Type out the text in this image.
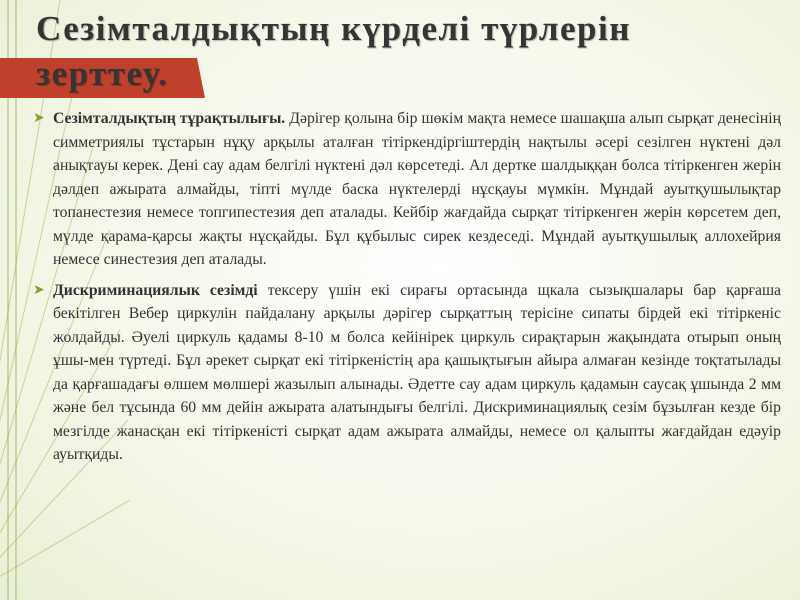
Сезімталдықтың күрделі түрлерін зерттеу.
➤ Сезімталдықтың тұрақтылығы. Дәрігер қолына бір шөкім мақта немесе шашақша алып сырқат денесінің симметриялы тұстарын нұқу арқылы аталған тітіркендіргіштердің нақтылы әсері сезілген нүктені дәл анықтауы керек. Дені сау адам белгілі нүктені дәл көрсетеді. Ал дертке шалдыққан болса тітіркенген жерін дәлдеп ажырата алмайды, тіпті мүлде баска нүктелерді нұсқауы мүмкін. Мұндай ауытқушылықтар топанестезия немесе топгипестезия деп аталады. Кейбір жағдайда сырқат тітіркенген жерін көрсетем деп, мүлде қарама-қарсы жақты нұсқайды. Бұл құбылыс сирек кездеседі. Мұндай ауытқушылық аллохейрия немесе синестезия деп аталады.

➤ Дискриминациялык сезімді тексеру үшін екі сирағы ортасында щкала сызықшалары бар қарғаша бекітілген Вебер циркулін пайдалану арқылы дәрігер сырқаттың терісіне сипаты бірдей екі тітіркеніс жолдайды. Әуелі циркуль қадамы 8-10 м болса кейінірек циркуль сирақтарын жақындата отырып оның ұшы-мен түртеді. Бұл әрекет сырқат екі тітіркеністің ара қашықтығын айыра алмаған кезінде тоқтатылады да қарғашадағы өлшем мөлшері жазылып алынады. Әдетте сау адам циркуль қадамын саусақ ұшында 2 мм және бел тұсында 60 мм дейін ажырата алатындығы белгілі. Дискриминациялық сезім бұзылған кезде бір мезгілде жанасқан екі тітіркеністі сырқат адам ажырата алмайды, немесе ол қалыпты жағдайдан едәуір ауытқиды.
